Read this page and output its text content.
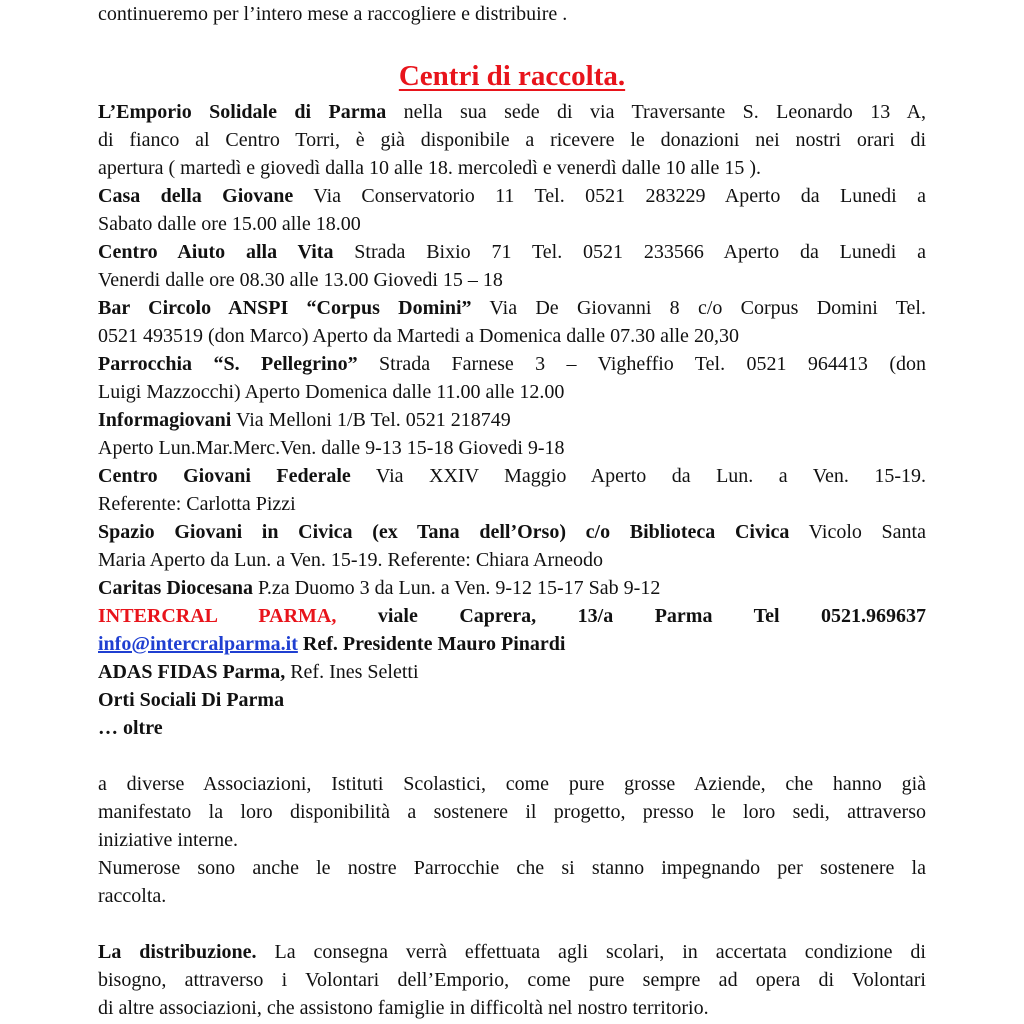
continueremo per l’intero mese a raccogliere e distribuire .
Centri di raccolta.
L’Emporio Solidale di Parma nella sua sede di via Traversante S. Leonardo 13 A,
di fianco al Centro Torri, è già disponibile a ricevere le donazioni nei nostri orari di
apertura ( martedì e giovedì dalla 10 alle 18. mercoledì e venerdì dalle 10 alle 15 ).
Casa della Giovane Via Conservatorio 11 Tel. 0521 283229 Aperto da Lunedi a
Sabato dalle ore 15.00 alle 18.00
Centro Aiuto alla Vita Strada Bixio 71 Tel. 0521 233566 Aperto da Lunedi a
Venerdi dalle ore 08.30 alle 13.00 Giovedi 15 – 18
Bar Circolo ANSPI “Corpus Domini” Via De Giovanni 8 c/o Corpus Domini Tel.
0521 493519 (don Marco) Aperto da Martedi a Domenica dalle 07.30 alle 20,30
Parrocchia “S. Pellegrino” Strada Farnese 3 – Vigheffio Tel. 0521 964413 (don
Luigi Mazzocchi) Aperto Domenica dalle 11.00 alle 12.00
Informagiovani Via Melloni 1/B Tel. 0521 218749
Aperto Lun.Mar.Merc.Ven. dalle 9-13 15-18 Giovedi 9-18
Centro Giovani Federale Via XXIV Maggio Aperto da Lun. a Ven. 15-19.
Referente: Carlotta Pizzi
Spazio Giovani in Civica (ex Tana dell’Orso) c/o Biblioteca Civica Vicolo Santa
Maria Aperto da Lun. a Ven. 15-19. Referente: Chiara Arneodo
Caritas Diocesana P.za Duomo 3 da Lun. a Ven. 9-12 15-17 Sab 9-12
INTERCRAL PARMA, viale Caprera, 13/a Parma Tel 0521.969637
info@intercralparma.it Ref. Presidente Mauro Pinardi
ADAS FIDAS Parma, Ref. Ines Seletti
Orti Sociali Di Parma
… oltre
a diverse Associazioni, Istituti Scolastici, come pure grosse Aziende, che hanno già
manifestato la loro disponibilità a sostenere il progetto, presso le loro sedi, attraverso
iniziative interne.
Numerose sono anche le nostre Parrocchie che si stanno impegnando per sostenere la
raccolta.
La distribuzione. La consegna verrà effettuata agli scolari, in accertata condizione di
bisogno, attraverso i Volontari dell’Emporio, come pure sempre ad opera di Volontari
di altre associazioni, che assistono famiglie in difficoltà nel nostro territorio.
